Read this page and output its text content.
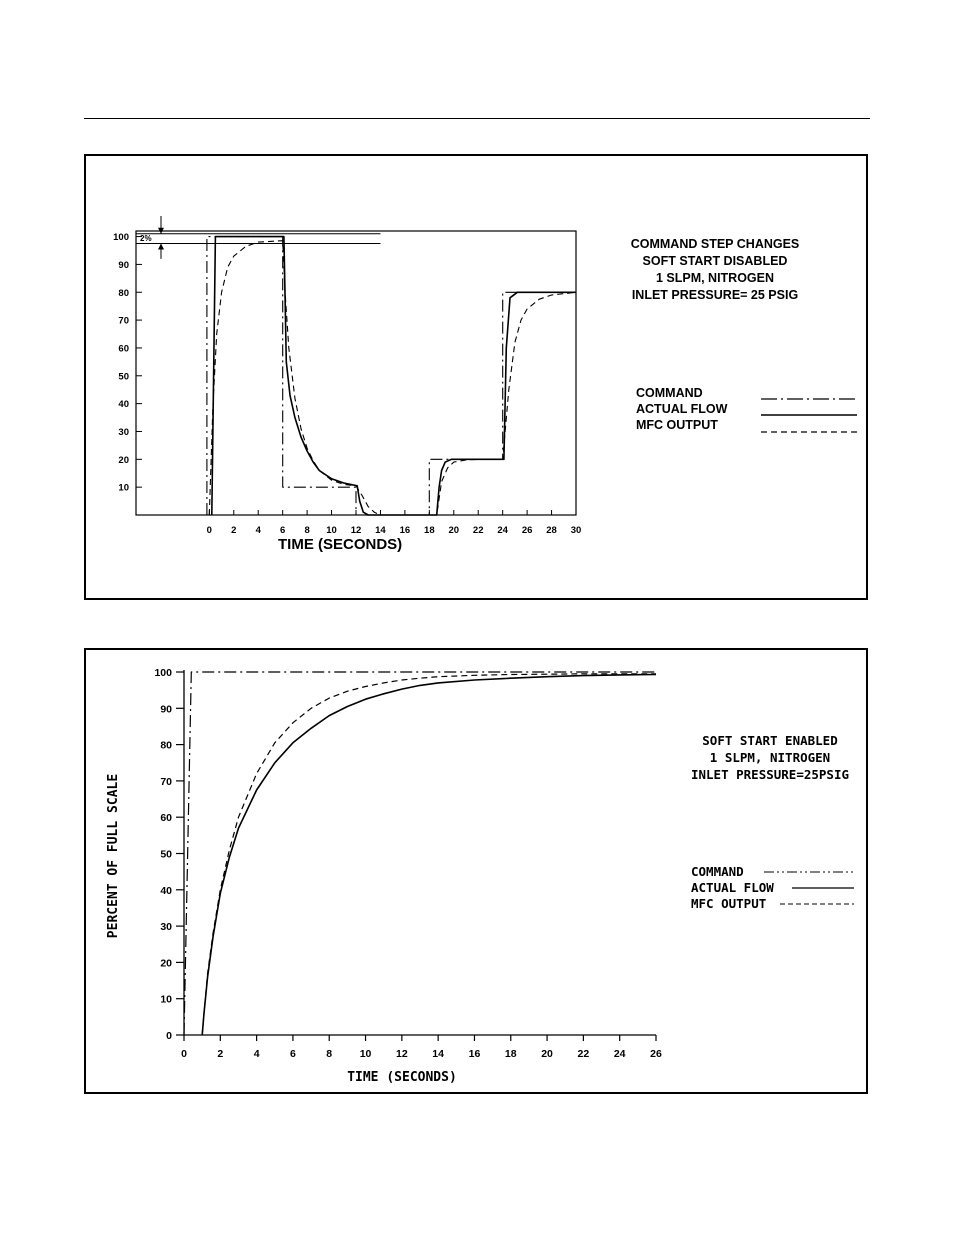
10
20
30
40
50
60
70
80
90
100
0 2 4 6 8 10 12 14 16 18 20 22 24 26 28 30
2%
TIME (SECONDS)
COMMAND STEP CHANGES
SOFT START DISABLED
1 SLPM, NITROGEN
INLET PRESSURE= 25 PSIG
COMMAND
ACTUAL FLOW
MFC OUTPUT
0
10
20
30
40
50
60
70
80
90
100
0	2	4	6	8	10 12 14 16 18 20 22 24 26
TIME (SECONDS)
PERCENT OF FULL SCALE
SOFT START ENABLED
1 SLPM, NITROGEN
INLET PRESSURE=25PSIG
COMMAND
ACTUAL FLOW
MFC OUTPUT
